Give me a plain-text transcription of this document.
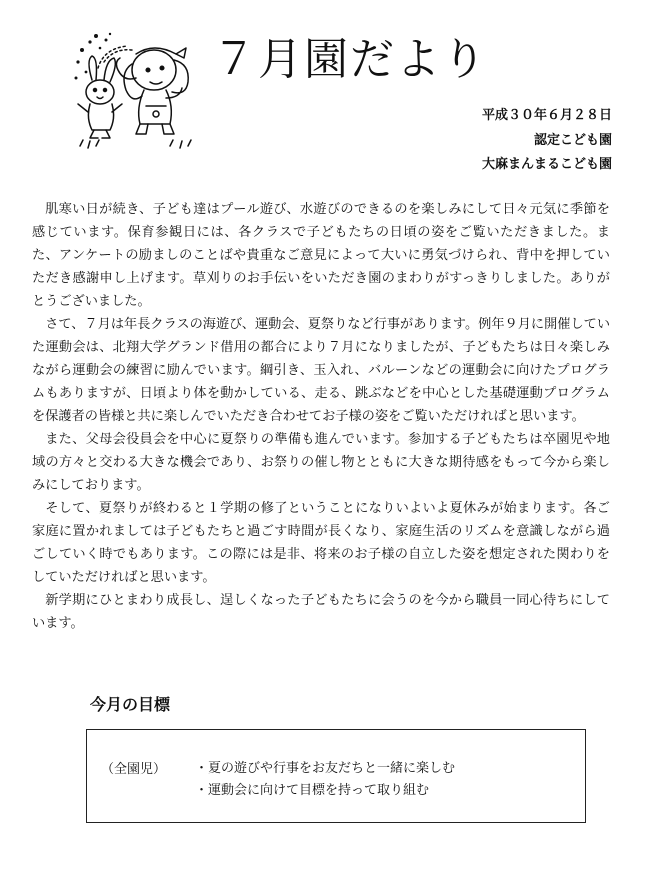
７月園だより
平成３０年６月２８日
認定こども園
大麻まんまるこども園

肌寒い日が続き、子ども達はプール遊び、水遊びのできるのを楽しみにして日々元気に季節を感じています。保育参観日には、各クラスで子どもたちの日頃の姿をご覧いただきました。また、アンケートの励ましのことばや貴重なご意見によって大いに勇気づけられ、背中を押していただき感謝申し上げます。草刈りのお手伝いをいただき園のまわりがすっきりしました。ありがとうございました。

さて、７月は年長クラスの海遊び、運動会、夏祭りなど行事があります。例年９月に開催していた運動会は、北翔大学グランド借用の都合により７月になりましたが、子どもたちは日々楽しみながら運動会の練習に励んでいます。綱引き、玉入れ、バルーンなどの運動会に向けたプログラムもありますが、日頃より体を動かしている、走る、跳ぶなどを中心とした基礎運動プログラムを保護者の皆様と共に楽しんでいただき合わせてお子様の姿をご覧いただければと思います。

また、父母会役員会を中心に夏祭りの準備も進んでいます。参加する子どもたちは卒園児や地域の方々と交わる大きな機会であり、お祭りの催し物とともに大きな期待感をもって今から楽しみにしております。

そして、夏祭りが終わると１学期の修了ということになりいよいよ夏休みが始まります。各ご家庭に置かれましては子どもたちと過ごす時間が長くなり、家庭生活のリズムを意識しながら過ごしていく時でもあります。この際には是非、将来のお子様の自立した姿を想定された関わりをしていただければと思います。

新学期にひとまわり成長し、逞しくなった子どもたちに会うのを今から職員一同心待ちにしています。

今月の目標
（全園児） ・夏の遊びや行事をお友だちと一緒に楽しむ
・運動会に向けて目標を持って取り組む
